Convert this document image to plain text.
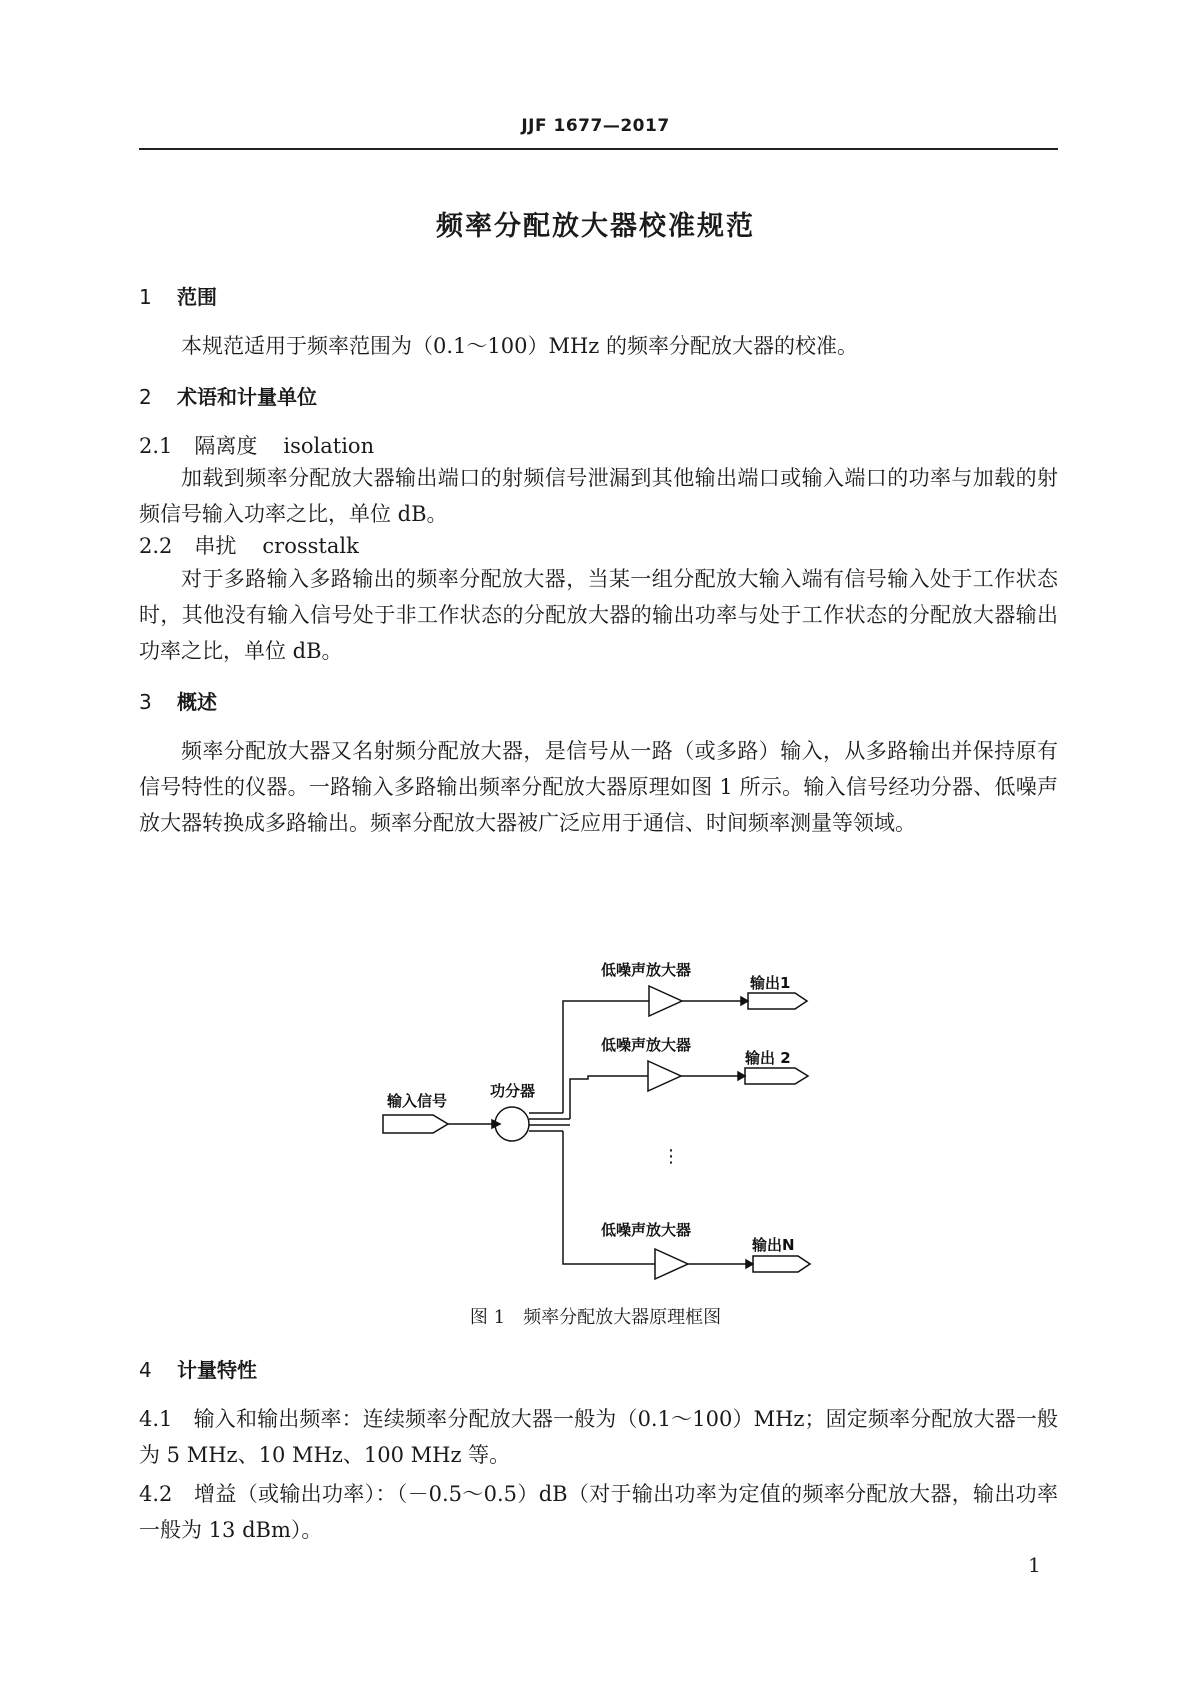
JJF 1677—2017
频率分配放大器校准规范
1 范围
本规范适用于频率范围为（0.1～100）MHz 的频率分配放大器的校准。
2 术语和计量单位
2.1 隔离度 isolation
加载到频率分配放大器输出端口的射频信号泄漏到其他输出端口或输入端口的功率与加载的射频信号输入功率之比，单位 dB。
2.2 串扰 crosstalk
对于多路输入多路输出的频率分配放大器，当某一组分配放大输入端有信号输入处于工作状态时，其他没有输入信号处于非工作状态的分配放大器的输出功率与处于工作状态的分配放大器输出功率之比，单位 dB。
3 概述
频率分配放大器又名射频分配放大器，是信号从一路（或多路）输入，从多路输出并保持原有信号特性的仪器。一路输入多路输出频率分配放大器原理如图 1 所示。输入信号经功分器、低噪声放大器转换成多路输出。频率分配放大器被广泛应用于通信、时间频率测量等领域。
输入信号
功分器
低噪声放大器
低噪声放大器
低噪声放大器
输出1
输出 2
输出N
⋮
图 1　频率分配放大器原理框图
4 计量特性
4.1　输入和输出频率：连续频率分配放大器一般为（0.1～100）MHz；固定频率分配放大器一般为 5 MHz、10 MHz、100 MHz 等。
4.2　增益（或输出功率）：（－0.5～0.5）dB（对于输出功率为定值的频率分配放大器，输出功率一般为 13 dBm）。
1
